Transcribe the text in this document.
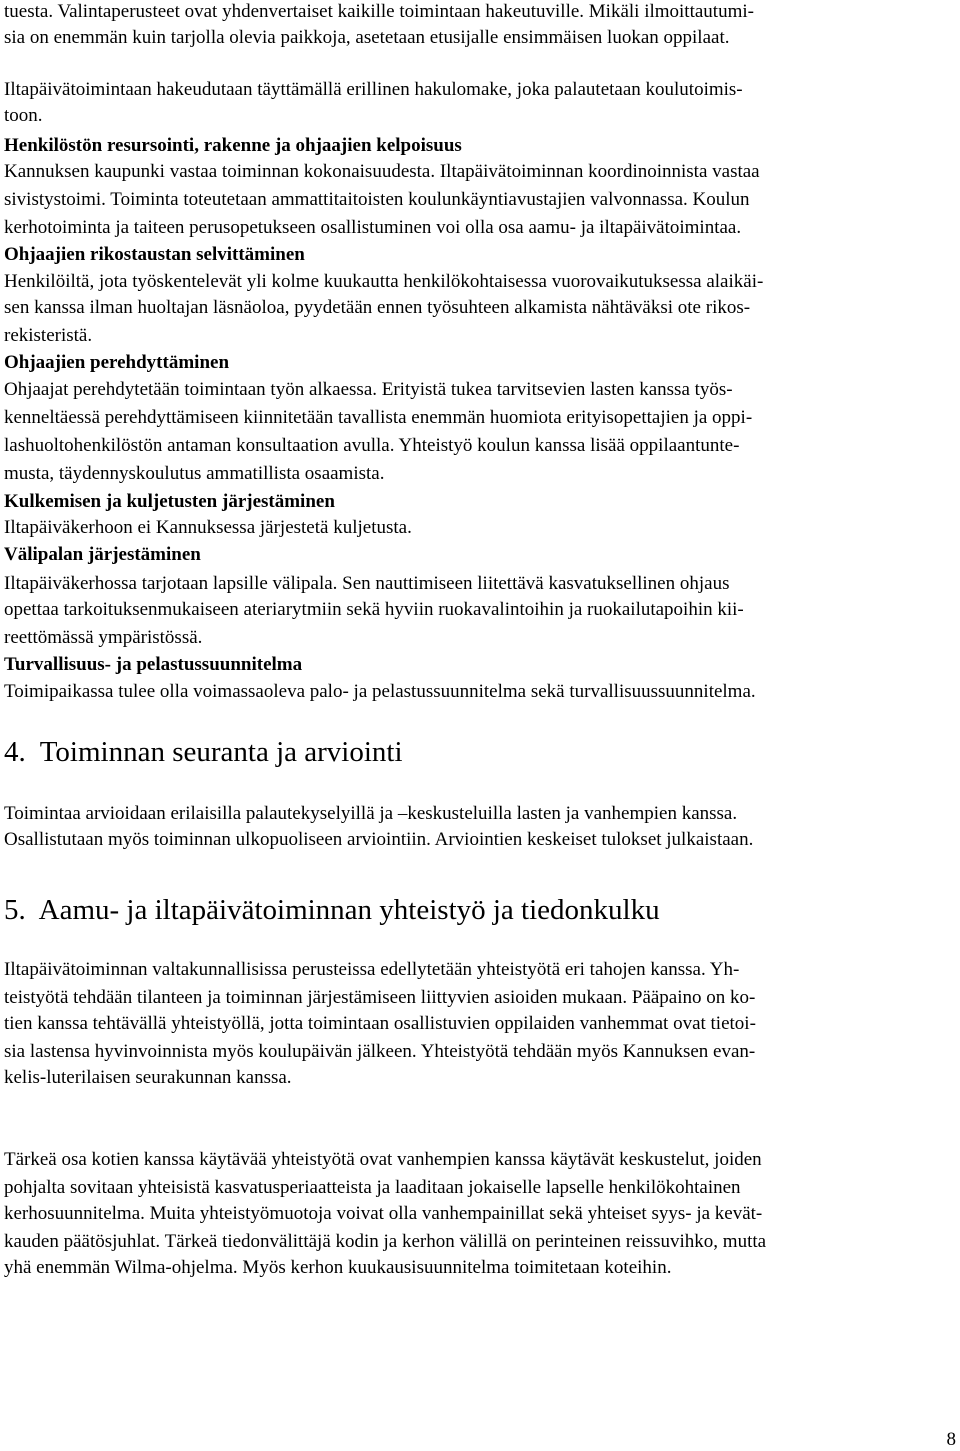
tuesta. Valintaperusteet ovat yhdenvertaiset kaikille toimintaan hakeutuville. Mikäli ilmoittautumi-
sia on enemmän kuin tarjolla olevia paikkoja, asetetaan etusijalle ensimmäisen luokan oppilaat.
Iltapäivätoimintaan hakeudutaan täyttämällä erillinen hakulomake, joka palautetaan koulutoimis-
toon.
Henkilöstön resursointi, rakenne ja ohjaajien kelpoisuus
Kannuksen kaupunki vastaa toiminnan kokonaisuudesta. Iltapäivätoiminnan koordinoinnista vastaa
sivistystoimi. Toiminta toteutetaan ammattitaitoisten koulunkäyntiavustajien valvonnassa. Koulun
kerhotoiminta ja taiteen perusopetukseen osallistuminen voi olla osa aamu- ja iltapäivätoimintaa.
Ohjaajien rikostaustan selvittäminen
Henkilöiltä, jota työskentelevät yli kolme kuukautta henkilökohtaisessa vuorovaikutuksessa alaikäi-
sen kanssa ilman huoltajan läsnäoloa, pyydetään ennen työsuhteen alkamista nähtäväksi ote rikos-
rekisteristä.
Ohjaajien perehdyttäminen
Ohjaajat perehdytetään toimintaan työn alkaessa. Erityistä tukea tarvitsevien lasten kanssa työs-
kenneltäessä perehdyttämiseen kiinnitetään tavallista enemmän huomiota erityisopettajien ja oppi-
lashuoltohenkilöstön antaman konsultaation avulla. Yhteistyö koulun kanssa lisää oppilaantunte-
musta, täydennyskoulutus ammatillista osaamista.
Kulkemisen ja kuljetusten järjestäminen
Iltapäiväkerhoon ei Kannuksessa järjestetä kuljetusta.
Välipalan järjestäminen
Iltapäiväkerhossa tarjotaan lapsille välipala. Sen nauttimiseen liitettävä kasvatuksellinen ohjaus
opettaa tarkoituksenmukaiseen ateriarytmiin sekä hyviin ruokavalintoihin ja ruokailutapoihin kii-
reettömässä ympäristössä.
Turvallisuus- ja pelastussuunnitelma
Toimipaikassa tulee olla voimassaoleva palo- ja pelastussuunnitelma sekä turvallisuussuunnitelma.
4.  Toiminnan seuranta ja arviointi
Toimintaa arvioidaan erilaisilla palautekyselyillä ja –keskusteluilla lasten ja vanhempien kanssa.
Osallistutaan myös toiminnan ulkopuoliseen arviointiin. Arviointien keskeiset tulokset julkaistaan.
5.  Aamu- ja iltapäivätoiminnan yhteistyö ja tiedonkulku
Iltapäivätoiminnan valtakunnallisissa perusteissa edellytetään yhteistyötä eri tahojen kanssa. Yh-
teistyötä tehdään tilanteen ja toiminnan järjestämiseen liittyvien asioiden mukaan. Pääpaino on ko-
tien kanssa tehtävällä yhteistyöllä, jotta toimintaan osallistuvien oppilaiden vanhemmat ovat tietoi-
sia lastensa hyvinvoinnista myös koulupäivän jälkeen. Yhteistyötä tehdään myös Kannuksen evan-
kelis-luterilaisen seurakunnan kanssa.
Tärkeä osa kotien kanssa käytävää yhteistyötä ovat vanhempien kanssa käytävät keskustelut, joiden
pohjalta sovitaan yhteisistä kasvatusperiaatteista ja laaditaan jokaiselle lapselle henkilökohtainen
kerhosuunnitelma. Muita yhteistyömuotoja voivat olla vanhempainillat sekä yhteiset syys- ja kevät-
kauden päätösjuhlat. Tärkeä tiedonvälittäjä kodin ja kerhon välillä on perinteinen reissuvihko, mutta
yhä enemmän Wilma-ohjelma. Myös kerhon kuukausisuunnitelma toimitetaan koteihin.
8
